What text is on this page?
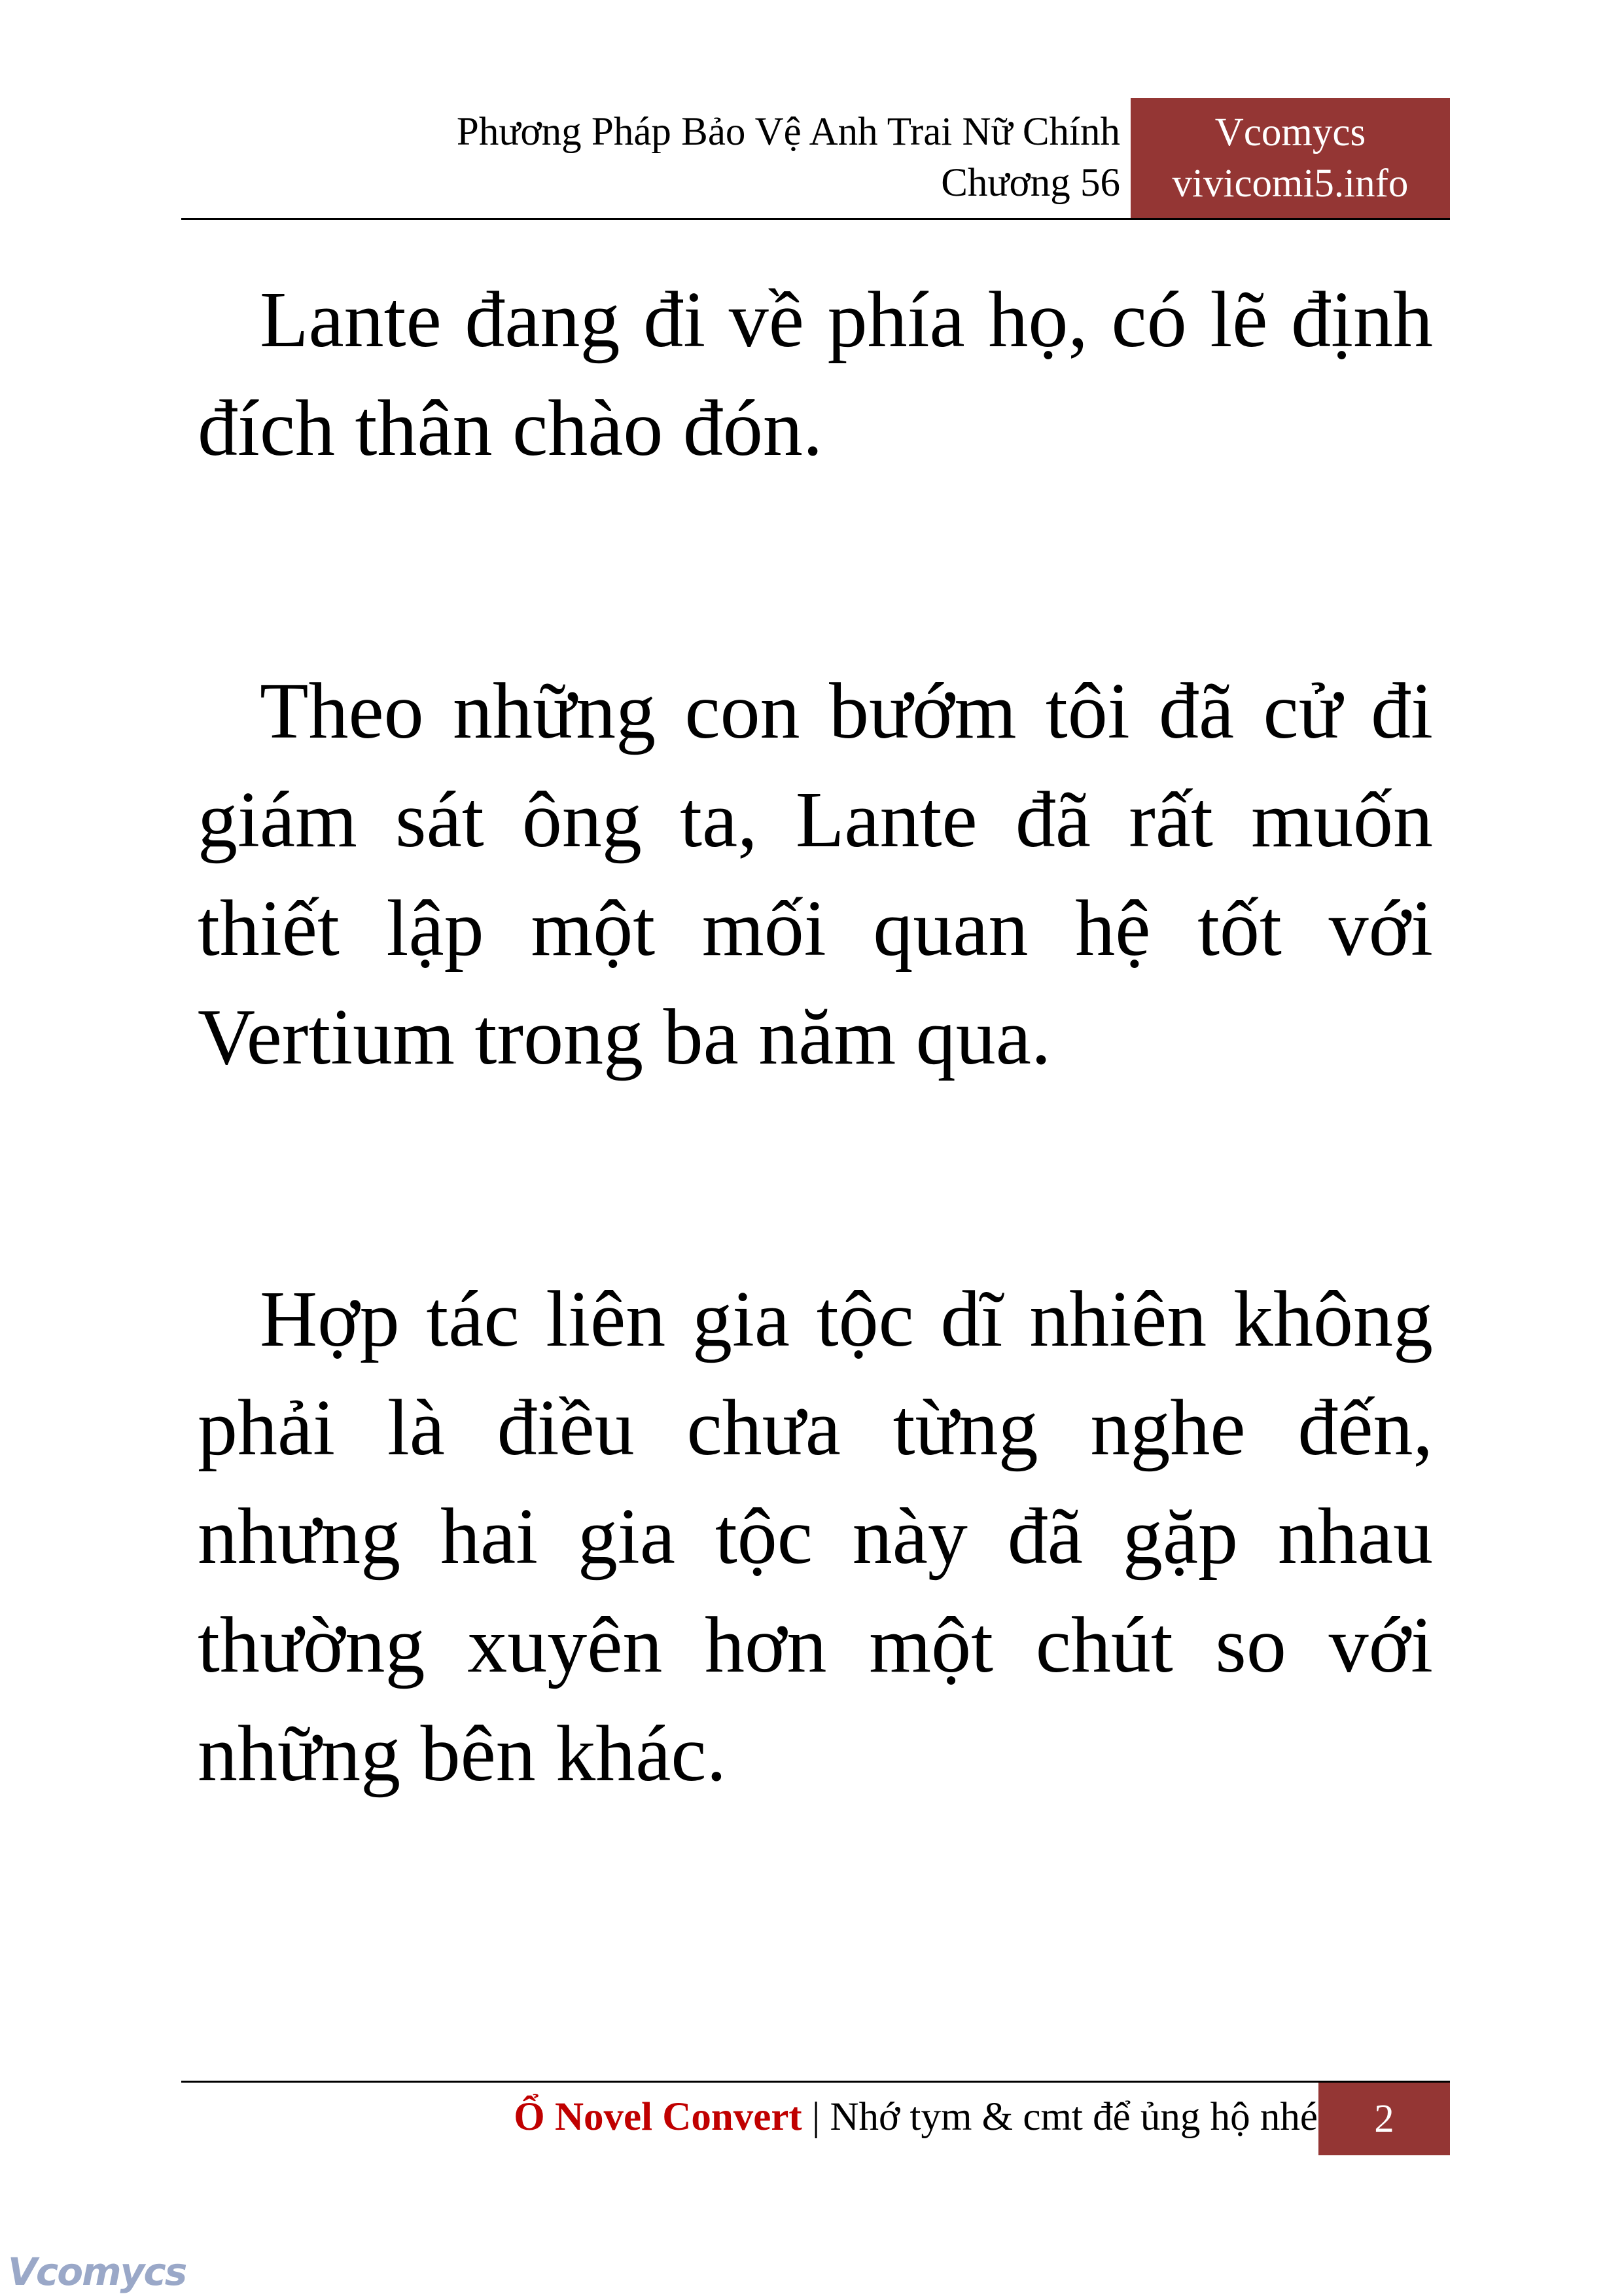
Phương Pháp Bảo Vệ Anh Trai Nữ Chính
Chương 56
Vcomycs
vivicomi5.info

Lante đang đi về phía họ, có lẽ định đích thân chào đón.

Theo những con bướm tôi đã cử đi giám sát ông ta, Lante đã rất muốn thiết lập một mối quan hệ tốt với Vertium trong ba năm qua.

Hợp tác liên gia tộc dĩ nhiên không phải là điều chưa từng nghe đến, nhưng hai gia tộc này đã gặp nhau thường xuyên hơn một chút so với những bên khác.

Ổ Novel Convert | Nhớ tym & cmt để ủng hộ nhé	2
Vcomycs
